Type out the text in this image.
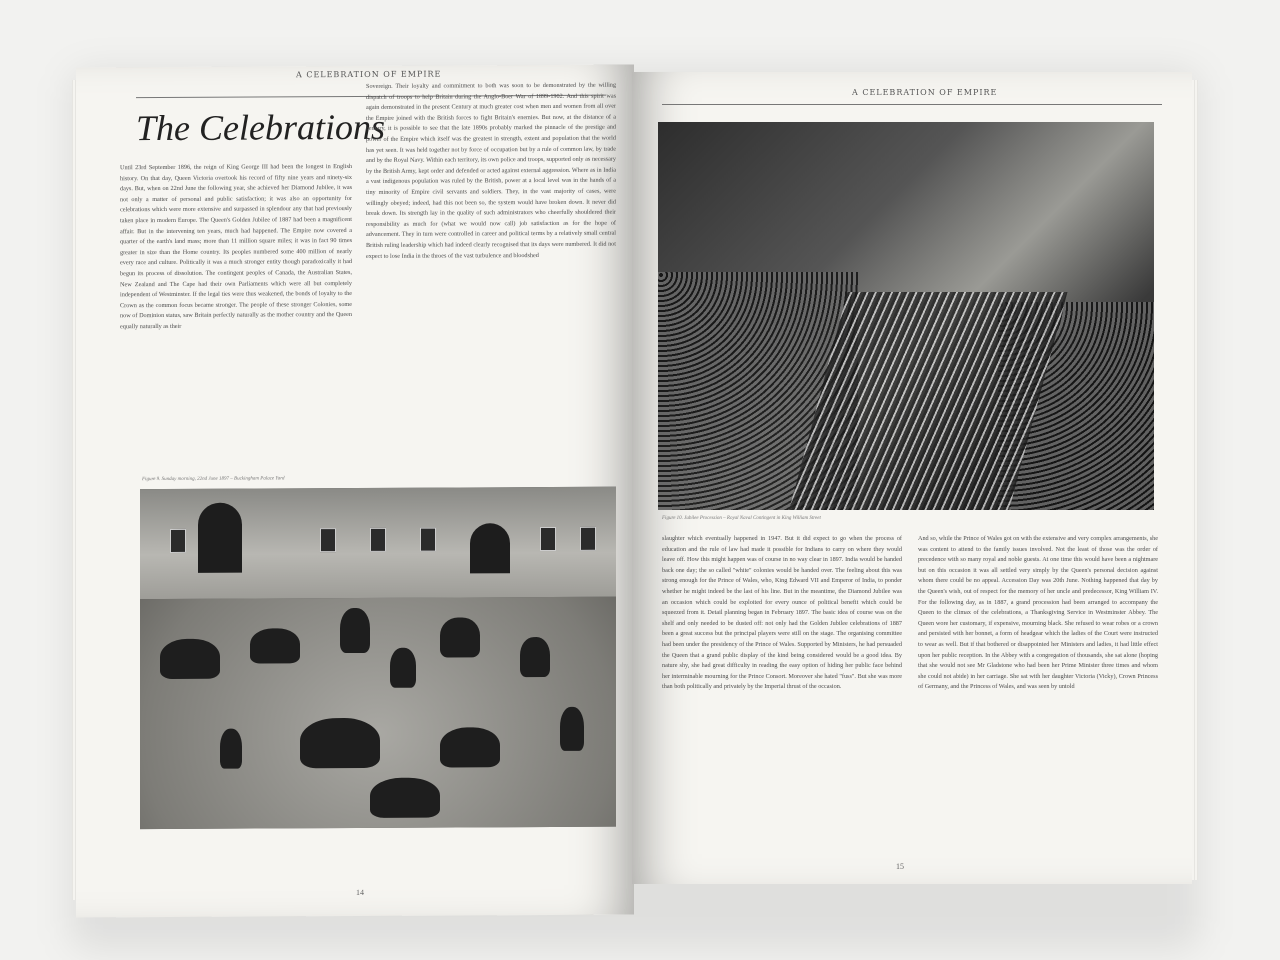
A CELEBRATION OF EMPIRE
The Celebrations
Until 23rd September 1896, the reign of King George III had been the longest in English history. On that day, Queen Victoria overtook his record of fifty nine years and ninety-six days. But, when on 22nd June the following year, she achieved her Diamond Jubilee, it was not only a matter of personal and public satisfaction; it was also an opportunity for celebrations which were more extensive and surpassed in splendour any that had previously taken place in modern Europe. The Queen's Golden Jubilee of 1887 had been a magnificent affair. But in the intervening ten years, much had happened. The Empire now covered a quarter of the earth's land mass; more than 11 million square miles; it was in fact 90 times greater in size than the Home country. Its peoples numbered some 400 million of nearly every race and culture. Politically it was a much stronger entity though paradoxically it had begun its process of dissolution. The contingent peoples of Canada, the Australian States, New Zealand and The Cape had their own Parliaments which were all but completely independent of Westminster. If the legal ties were thus weakened, the bonds of loyalty to the Crown as the common focus became stronger. The people of these stronger Colonies, some now of Dominion status, saw Britain perfectly naturally as the mother country and the Queen equally naturally as their
Sovereign. Their loyalty and commitment to both was soon to be demonstrated by the willing dispatch of troops to help Britain during the Anglo-Boer War of 1899-1902. And this spirit was again demonstrated in the present Century at much greater cost when men and women from all over the Empire joined with the British forces to fight Britain's enemies. But now, at the distance of a century, it is possible to see that the late 1890s probably marked the pinnacle of the prestige and power of the Empire which itself was the greatest in strength, extent and population that the world has yet seen. It was held together not by force of occupation but by a rule of common law, by trade and by the Royal Navy. Within each territory, its own police and troops, supported only as necessary by the British Army, kept order and defended or acted against external aggression. Where as in India a vast indigenous population was ruled by the British, power at a local level was in the hands of a tiny minority of Empire civil servants and soldiers. They, in the vast majority of cases, were willingly obeyed; indeed, had this not been so, the system would have broken down. It never did break down. Its strength lay in the quality of such administrators who cheerfully shouldered their responsibility as much for (what we would now call) job satisfaction as for the hope of advancement. They in turn were controlled in career and political terms by a relatively small central British ruling leadership which had indeed clearly recognised that its days were numbered. It did not expect to lose India in the throes of the vast turbulence and bloodshed
Figure 9. Sunday morning, 22nd June 1897 – Buckingham Palace Yard
14
A CELEBRATION OF EMPIRE
Figure 10. Jubilee Procession – Royal Naval Contingent in King William Street
slaughter which eventually happened in 1947. But it did expect to go when the process of education and the rule of law had made it possible for Indians to carry on where they would leave off. How this might happen was of course in no way clear in 1897. India would be handed back one day; the so called "white" colonies would be handed over. The feeling about this was strong enough for the Prince of Wales, who, King Edward VII and Emperor of India, to ponder whether he might indeed be the last of his line. But in the meantime, the Diamond Jubilee was an occasion which could be exploited for every ounce of political benefit which could be squeezed from it. Detail planning began in February 1897. The basic idea of course was on the shelf and only needed to be dusted off: not only had the Golden Jubilee celebrations of 1887 been a great success but the principal players were still on the stage. The organising committee had been under the presidency of the Prince of Wales. Supported by Ministers, he had persuaded the Queen that a grand public display of the kind being considered would be a good idea. By nature shy, she had great difficulty in reading the easy option of hiding her public face behind her interminable mourning for the Prince Consort. Moreover she hated "fuss". But she was more than both politically and privately by the Imperial thrust of the occasion.
And so, while the Prince of Wales got on with the extensive and very complex arrangements, she was content to attend to the family issues involved. Not the least of those was the order of precedence with so many royal and noble guests. At one time this would have been a nightmare but on this occasion it was all settled very simply by the Queen's personal decision against whom there could be no appeal. Accession Day was 20th June. Nothing happened that day by the Queen's wish, out of respect for the memory of her uncle and predecessor, King William IV. For the following day, as in 1887, a grand procession had been arranged to accompany the Queen to the climax of the celebrations, a Thanksgiving Service in Westminster Abbey. The Queen wore her customary, if expensive, mourning black. She refused to wear robes or a crown and persisted with her bonnet, a form of headgear which the ladies of the Court were instructed to wear as well. But if that bothered or disappointed her Ministers and ladies, it had little effect upon her public reception. In the Abbey with a congregation of thousands, she sat alone (hoping that she would not see Mr Gladstone who had been her Prime Minister three times and whom she could not abide) in her carriage. She sat with her daughter Victoria (Vicky), Crown Princess of Germany, and the Princess of Wales, and was seen by untold
15
